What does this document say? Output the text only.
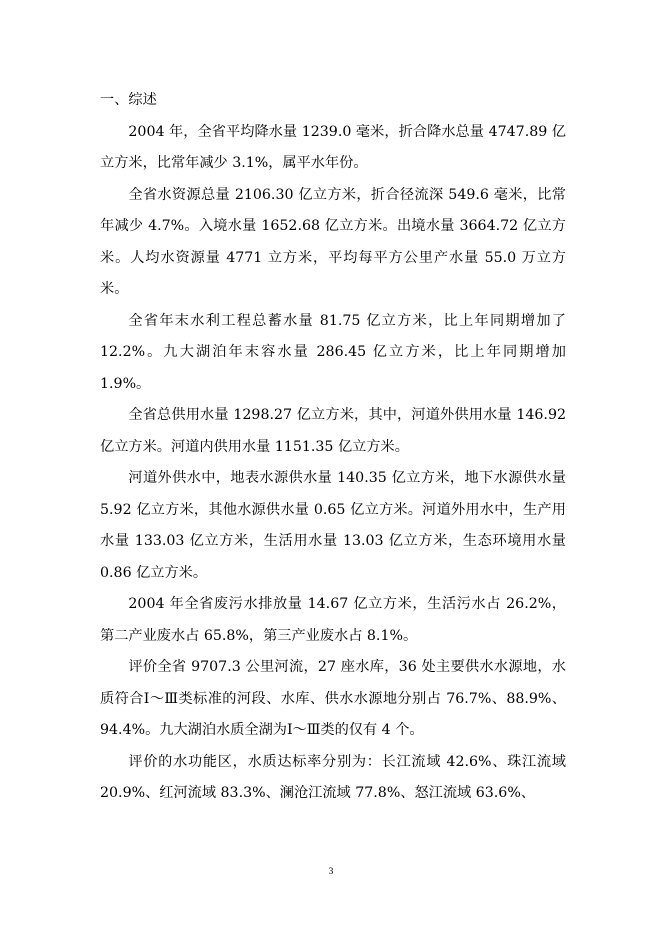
一、综述

2004 年，全省平均降水量 1239.0 毫米，折合降水总量 4747.89 亿立方米，比常年减少 3.1%，属平水年份。

全省水资源总量 2106.30 亿立方米，折合径流深 549.6 毫米，比常年减少 4.7%。入境水量 1652.68 亿立方米。出境水量 3664.72 亿立方米。人均水资源量 4771 立方米，平均每平方公里产水量 55.0 万立方米。

全省年末水利工程总蓄水量 81.75 亿立方米，比上年同期增加了 12.2%。九大湖泊年末容水量 286.45 亿立方米，比上年同期增加 1.9%。

全省总供用水量 1298.27 亿立方米，其中，河道外供用水量 146.92 亿立方米。河道内供用水量 1151.35 亿立方米。

河道外供水中，地表水源供水量 140.35 亿立方米，地下水源供水量 5.92 亿立方米，其他水源供水量 0.65 亿立方米。河道外用水中，生产用水量 133.03 亿立方米，生活用水量 13.03 亿立方米，生态环境用水量 0.86 亿立方米。

2004 年全省废污水排放量 14.67 亿立方米，生活污水占 26.2%，第二产业废水占 65.8%，第三产业废水占 8.1%。

评价全省 9707.3 公里河流，27 座水库，36 处主要供水水源地，水质符合Ⅰ～Ⅲ类标准的河段、水库、供水水源地分别占 76.7%、88.9%、94.4%。九大湖泊水质全湖为Ⅰ～Ⅲ类的仅有 4 个。

评价的水功能区，水质达标率分别为：长江流域 42.6%、珠江流域 20.9%、红河流域 83.3%、澜沧江流域 77.8%、怒江流域 63.6%、

3
